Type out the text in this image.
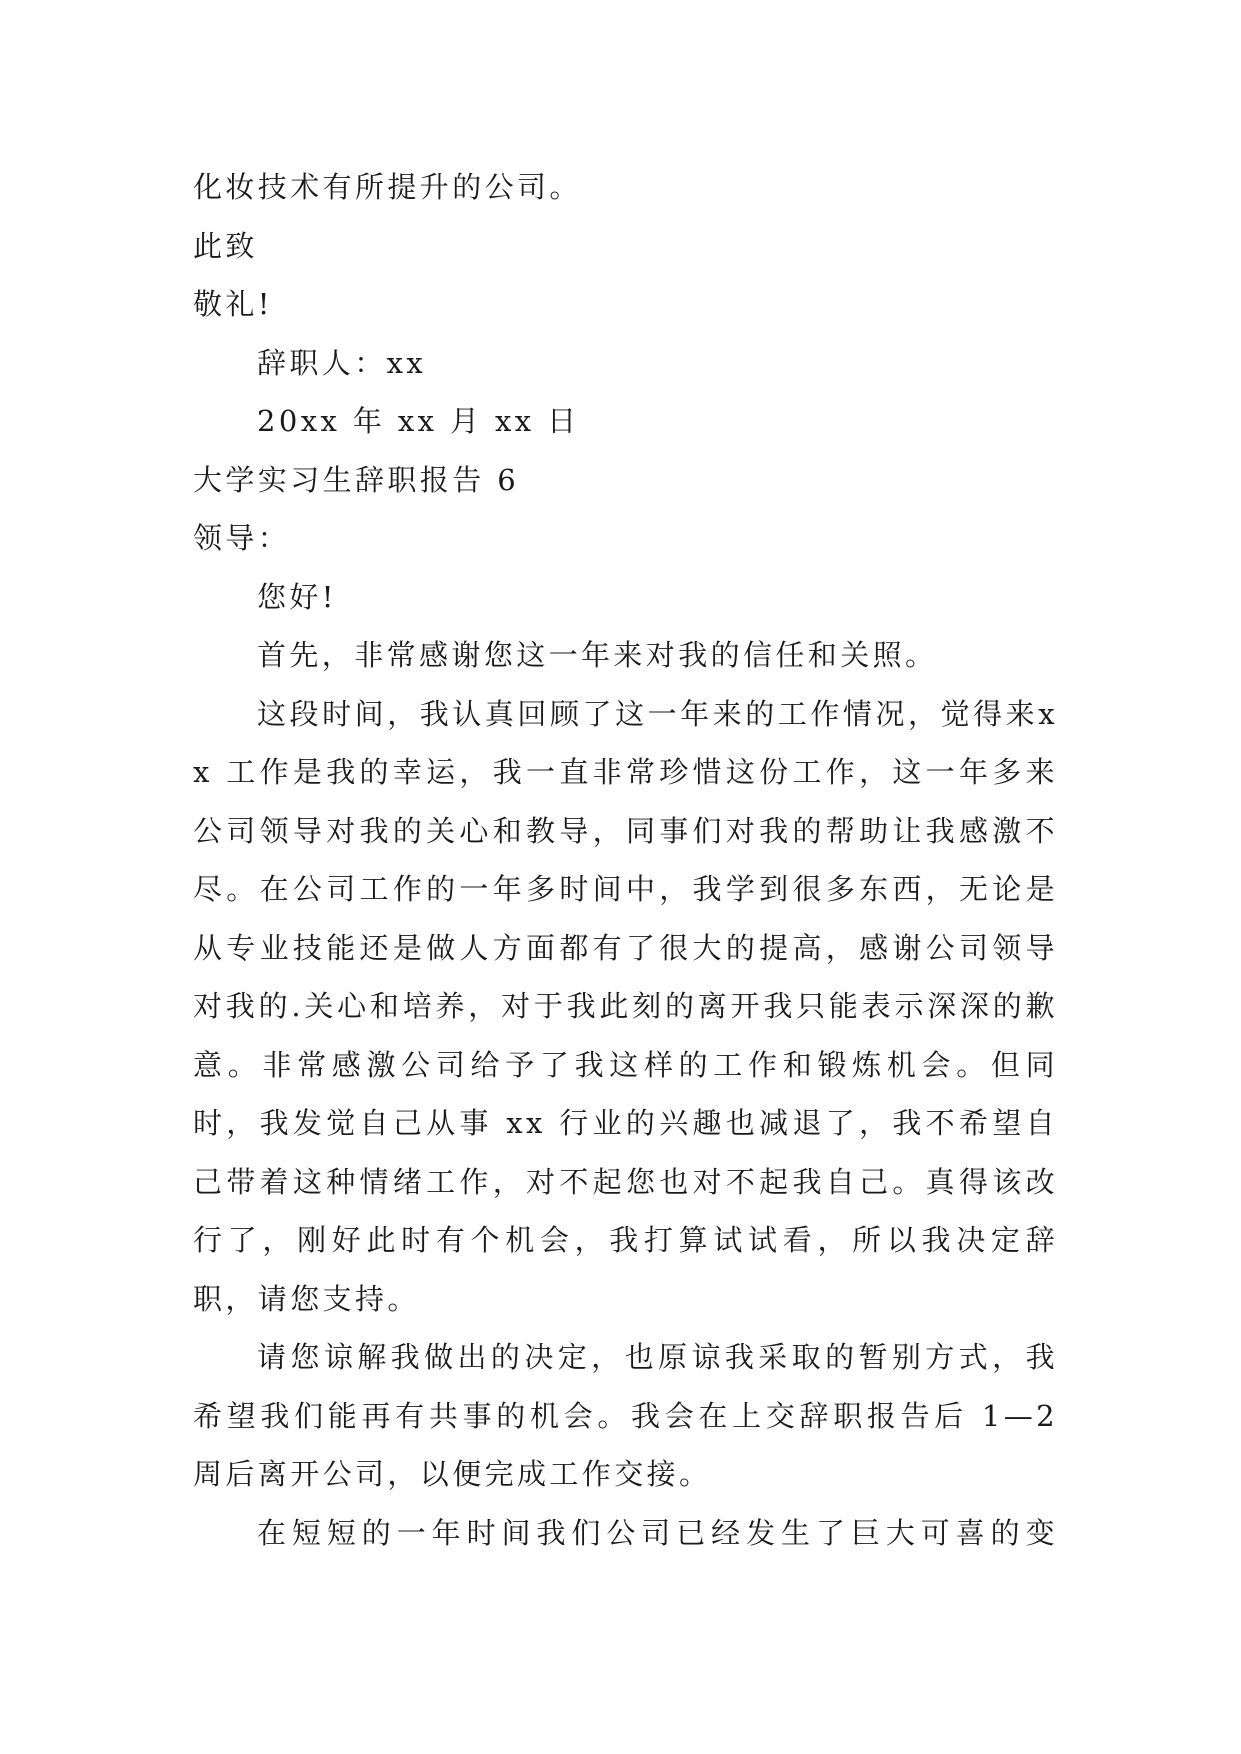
化妆技术有所提升的公司。
此致
敬礼!
辞职人：xx
20xx 年 xx 月 xx 日
大学实习生辞职报告 6
领导：
您好!
首先，非常感谢您这一年来对我的信任和关照。

这段时间，我认真回顾了这一年来的工作情况，觉得来xx 工作是我的幸运，我一直非常珍惜这份工作，这一年多来公司领导对我的关心和教导，同事们对我的帮助让我感激不尽。在公司工作的一年多时间中，我学到很多东西，无论是从专业技能还是做人方面都有了很大的提高，感谢公司领导对我的.关心和培养，对于我此刻的离开我只能表示深深的歉意。非常感激公司给予了我这样的工作和锻炼机会。但同时，我发觉自己从事 xx 行业的兴趣也减退了，我不希望自己带着这种情绪工作，对不起您也对不起我自己。真得该改行了，刚好此时有个机会，我打算试试看，所以我决定辞职，请您支持。

请您谅解我做出的决定，也原谅我采取的暂别方式，我希望我们能再有共事的机会。我会在上交辞职报告后 1—2周后离开公司，以便完成工作交接。

在短短的一年时间我们公司已经发生了巨大可喜的变
